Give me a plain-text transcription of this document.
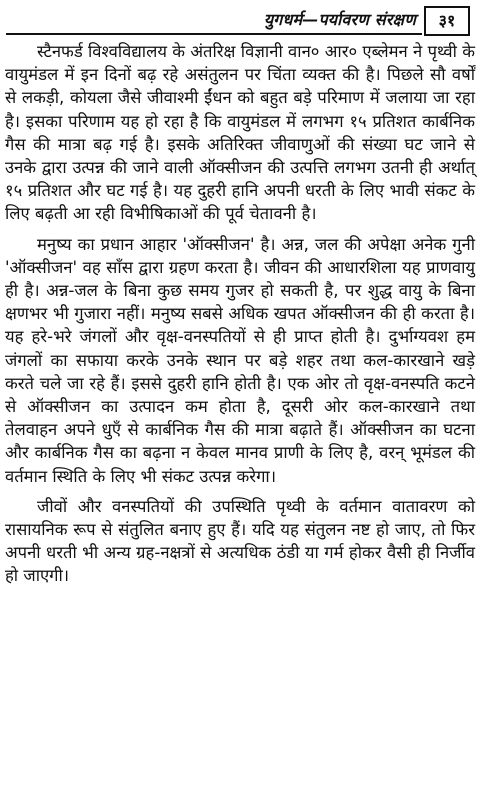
युगधर्म—पर्यावरण संरक्षण	३१

स्टैनफर्ड विश्वविद्यालय के अंतरिक्ष विज्ञानी वान० आर० एब्लेमन ने पृथ्वी के वायुमंडल में इन दिनों बढ़ रहे असंतुलन पर चिंता व्यक्त की है। पिछले सौ वर्षों से लकड़ी, कोयला जैसे जीवाश्मी ईंधन को बहुत बड़े परिमाण में जलाया जा रहा है। इसका परिणाम यह हो रहा है कि वायुमंडल में लगभग १५ प्रतिशत कार्बनिक गैस की मात्रा बढ़ गई है। इसके अतिरिक्त जीवाणुओं की संख्या घट जाने से उनके द्वारा उत्पन्न की जाने वाली ऑक्सीजन की उत्पत्ति लगभग उतनी ही अर्थात् १५ प्रतिशत और घट गई है। यह दुहरी हानि अपनी धरती के लिए भावी संकट के लिए बढ़ती आ रही विभीषिकाओं की पूर्व चेतावनी है।

मनुष्य का प्रधान आहार 'ऑक्सीजन' है। अन्न, जल की अपेक्षा अनेक गुनी 'ऑक्सीजन' वह साँस द्वारा ग्रहण करता है। जीवन की आधारशिला यह प्राणवायु ही है। अन्न-जल के बिना कुछ समय गुजर हो सकती है, पर शुद्ध वायु के बिना क्षणभर भी गुजारा नहीं। मनुष्य सबसे अधिक खपत ऑक्सीजन की ही करता है। यह हरे-भरे जंगलों और वृक्ष-वनस्पतियों से ही प्राप्त होती है। दुर्भाग्यवश हम जंगलों का सफाया करके उनके स्थान पर बड़े शहर तथा कल-कारखाने खड़े करते चले जा रहे हैं। इससे दुहरी हानि होती है। एक ओर तो वृक्ष-वनस्पति कटने से ऑक्सीजन का उत्पादन कम होता है, दूसरी ओर कल-कारखाने तथा तेलवाहन अपने धुएँ से कार्बनिक गैस की मात्रा बढ़ाते हैं। ऑक्सीजन का घटना और कार्बनिक गैस का बढ़ना न केवल मानव प्राणी के लिए है, वरन् भूमंडल की वर्तमान स्थिति के लिए भी संकट उत्पन्न करेगा।

जीवों और वनस्पतियों की उपस्थिति पृथ्वी के वर्तमान वातावरण को रासायनिक रूप से संतुलित बनाए हुए हैं। यदि यह संतुलन नष्ट हो जाए, तो फिर अपनी धरती भी अन्य ग्रह-नक्षत्रों से अत्यधिक ठंडी या गर्म होकर वैसी ही निर्जीव हो जाएगी।
